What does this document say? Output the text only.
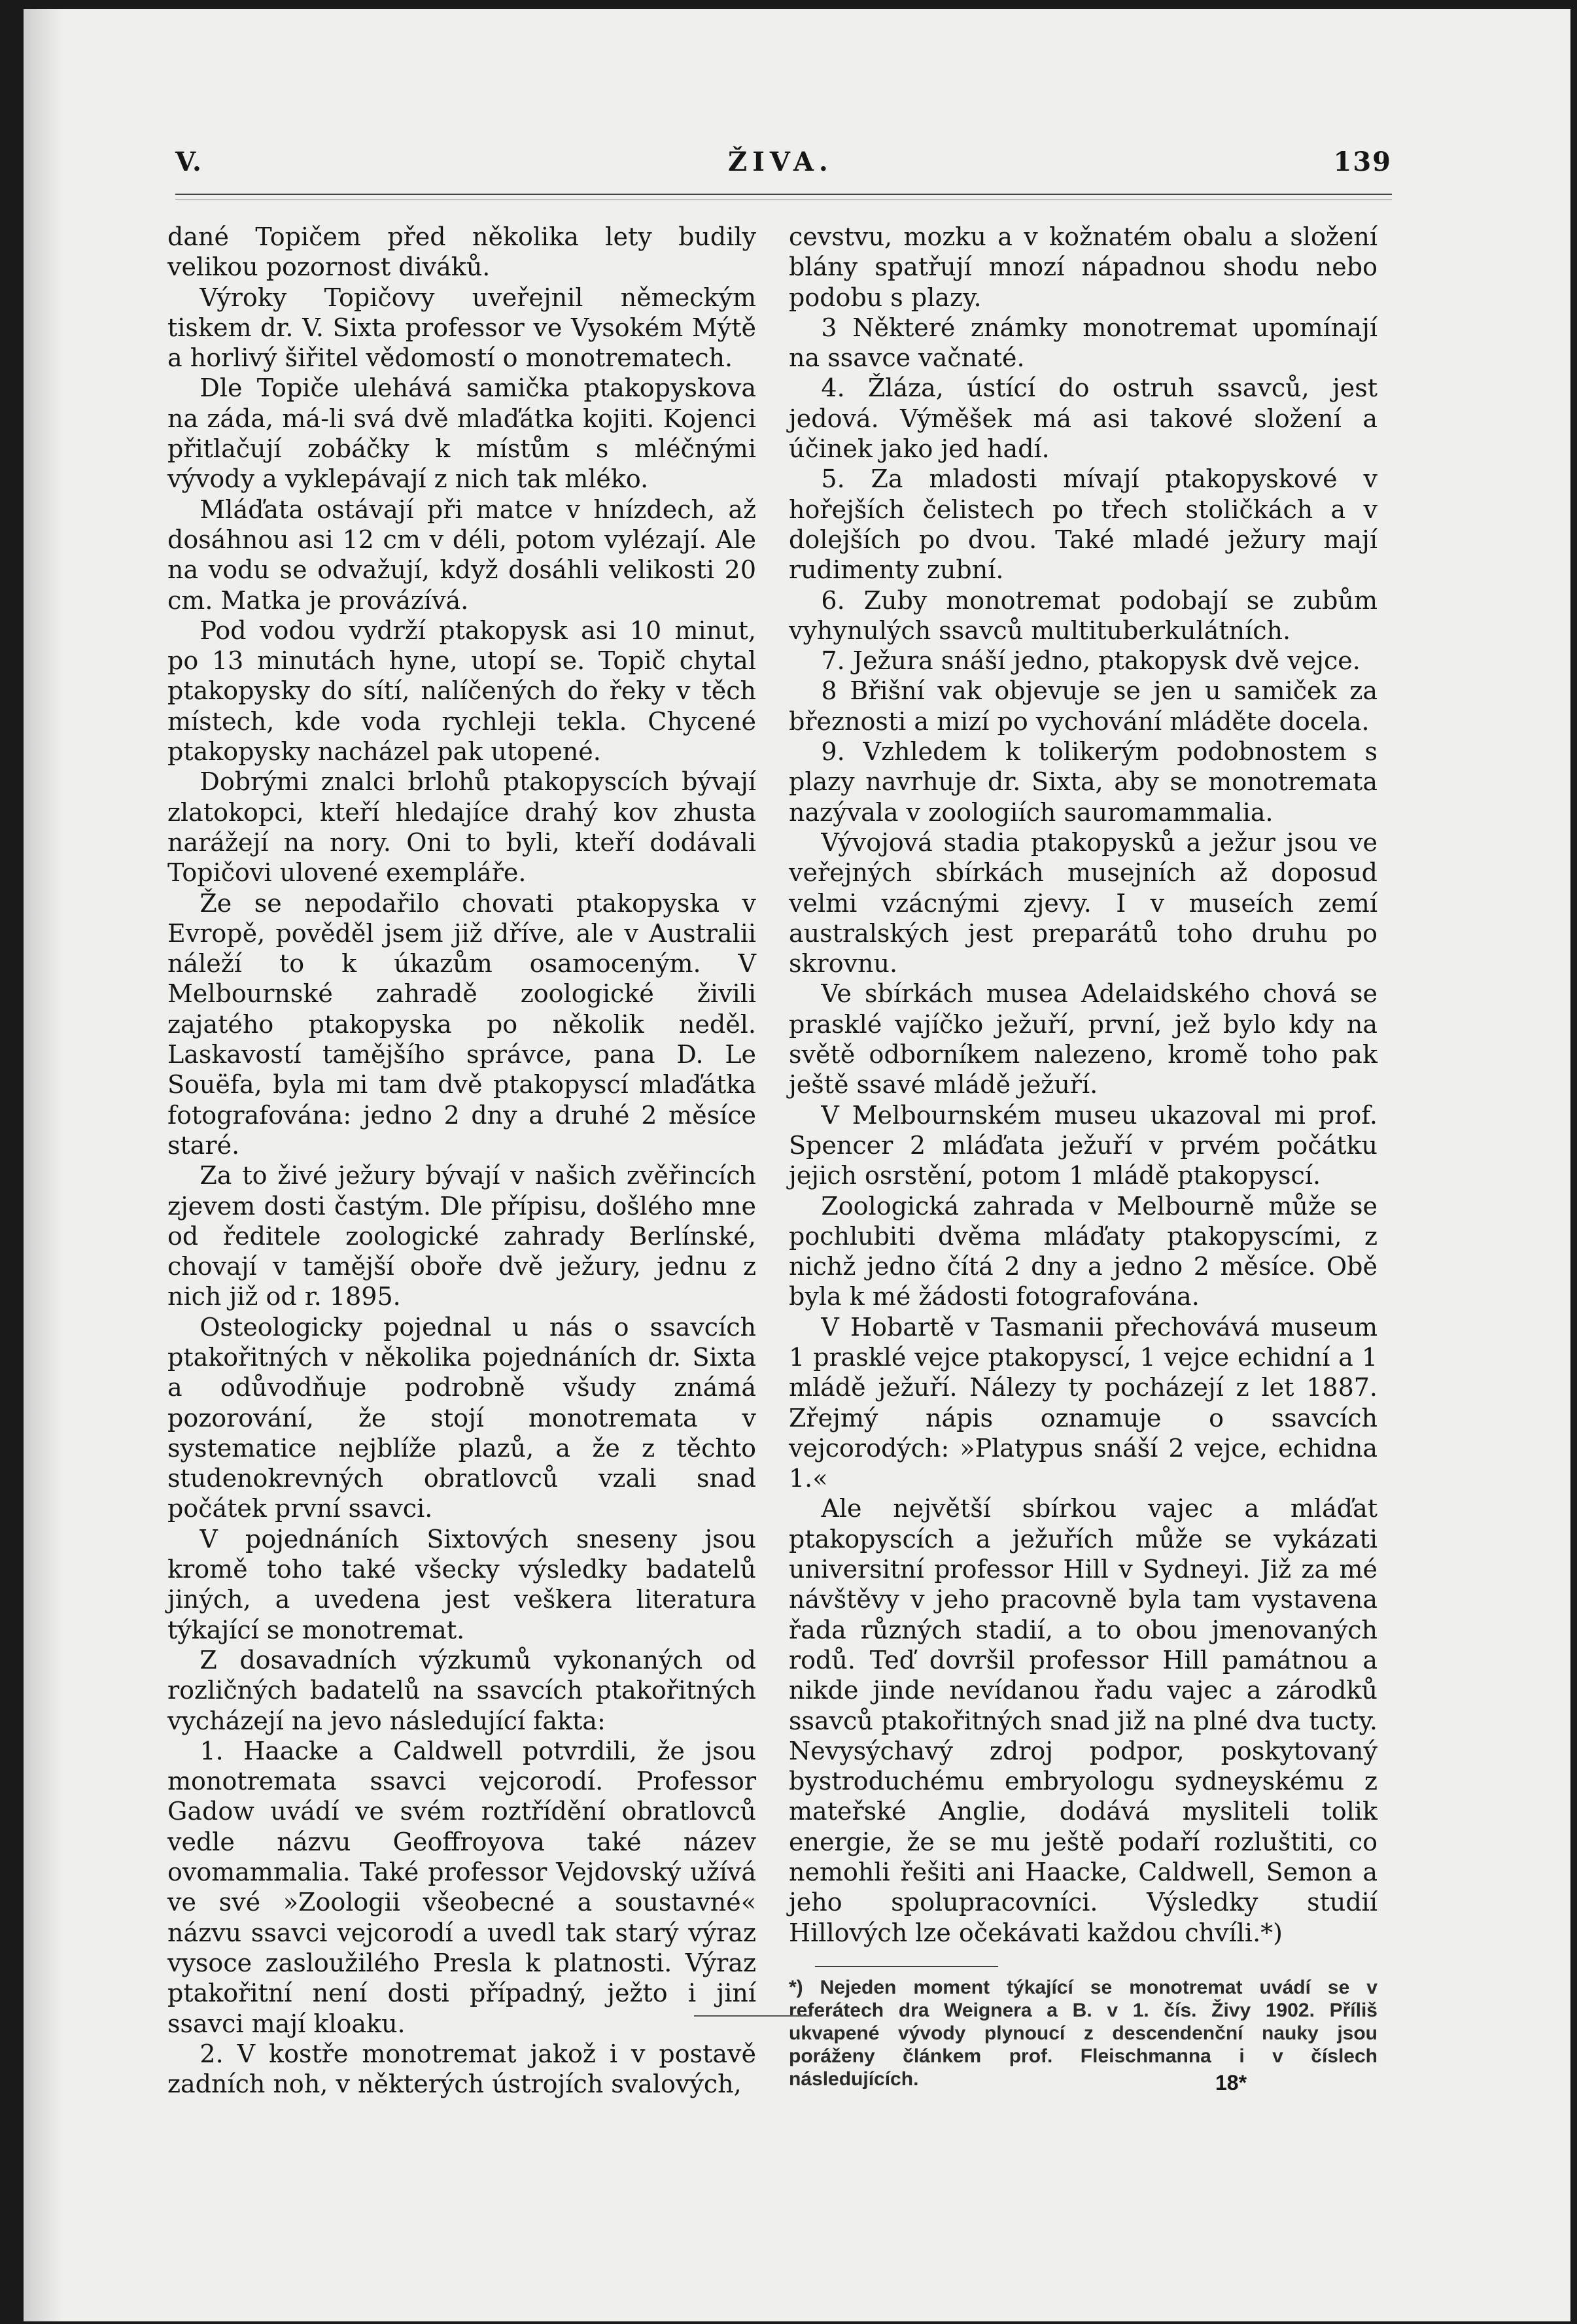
V.	ŽIVA.	139

dané Topičem před několika lety budily velikou pozornost diváků.

Výroky Topičovy uveřejnil německým tiskem dr. V. Sixta professor ve Vysokém Mýtě a horlivý šiřitel vědomostí o monotrematech.

Dle Topiče ulehává samička ptakopyskova na záda, má-li svá dvě mlaďátka kojiti. Kojenci přitlačují zobáčky k místům s mléčnými vývody a vyklepávají z nich tak mléko.

Mláďata ostávají při matce v hnízdech, až dosáhnou asi 12 cm v déli, potom vylézají. Ale na vodu se odvažují, když dosáhli velikosti 20 cm. Matka je provázívá.

Pod vodou vydrží ptakopysk asi 10 minut, po 13 minutách hyne, utopí se. Topič chytal ptakopysky do sítí, nalíčených do řeky v těch místech, kde voda rychleji tekla. Chycené ptakopysky nacházel pak utopené.

Dobrými znalci brlohů ptakopyscích bývají zlatokopci, kteří hledajíce drahý kov zhusta narážejí na nory. Oni to byli, kteří dodávali Topičovi ulovené exempláře.

Že se nepodařilo chovati ptakopyska v Evropě, pověděl jsem již dříve, ale v Australii náleží to k úkazům osamoceným. V Melbournské zahradě zoologické živili zajatého ptakopyska po několik neděl. Laskavostí tamějšího správce, pana D. Le Souëfa, byla mi tam dvě ptakopyscí mlaďátka fotografována: jedno 2 dny a druhé 2 měsíce staré.

Za to živé ježury bývají v našich zvěřincích zjevem dosti častým. Dle přípisu, došlého mne od ředitele zoologické zahrady Berlínské, chovají v tamější oboře dvě ježury, jednu z nich již od r. 1895.

Osteologicky pojednal u nás o ssavcích ptakořitných v několika pojednáních dr. Sixta a odůvodňuje podrobně všudy známá pozorování, že stojí monotremata v systematice nejblíže plazů, a že z těchto studenokrevných obratlovců vzali snad počátek první ssavci.

V pojednáních Sixtových sneseny jsou kromě toho také všecky výsledky badatelů jiných, a uvedena jest veškera literatura týkající se monotremat.

Z dosavadních výzkumů vykonaných od rozličných badatelů na ssavcích ptakořitných vycházejí na jevo následující fakta:

1. Haacke a Caldwell potvrdili, že jsou monotremata ssavci vejcorodí. Professor Gadow uvádí ve svém roztřídění obratlovců vedle názvu Geoffroyova také název ovomammalia. Také professor Vejdovský užívá ve své »Zoologii všeobecné a soustavné« názvu ssavci vejcorodí a uvedl tak starý výraz vysoce zasloužilého Presla k platnosti. Výraz ptakořitní není dosti případný, ježto i jiní ssavci mají kloaku.

2. V kostře monotremat jakož i v postavě zadních noh, v některých ústrojích svalových,

cevstvu, mozku a v kožnatém obalu a složení blány spatřují mnozí nápadnou shodu nebo podobu s plazy.

3 Některé známky monotremat upomínají na ssavce vačnaté.

4. Žláza, ústící do ostruh ssavců, jest jedová. Výměšek má asi takové složení a účinek jako jed hadí.

5. Za mladosti mívají ptakopyskové v hořejších čelistech po třech stoličkách a v dolejších po dvou. Také mladé ježury mají rudimenty zubní.

6. Zuby monotremat podobají se zubům vyhynulých ssavců multituberkulátních.

7. Ježura snáší jedno, ptakopysk dvě vejce.

8 Břišní vak objevuje se jen u samiček za březnosti a mizí po vychování mláděte docela.

9. Vzhledem k tolikerým podobnostem s plazy navrhuje dr. Sixta, aby se monotremata nazývala v zoologiích sauromammalia.

Vývojová stadia ptakopysků a ježur jsou ve veřejných sbírkách musejních až doposud velmi vzácnými zjevy. I v museích zemí australských jest preparátů toho druhu po skrovnu.

Ve sbírkách musea Adelaidského chová se prasklé vajíčko ježuří, první, jež bylo kdy na světě odborníkem nalezeno, kromě toho pak ještě ssavé mládě ježuří.

V Melbournském museu ukazoval mi prof. Spencer 2 mláďata ježuří v prvém počátku jejich osrstění, potom 1 mládě ptakopyscí.

Zoologická zahrada v Melbourně může se pochlubiti dvěma mláďaty ptakopyscími, z nichž jedno čítá 2 dny a jedno 2 měsíce. Obě byla k mé žádosti fotografována.

V Hobartě v Tasmanii přechovává museum 1 prasklé vejce ptakopyscí, 1 vejce echidní a 1 mládě ježuří. Nálezy ty pocházejí z let 1887. Zřejmý nápis oznamuje o ssavcích vejcorodých: »Platypus snáší 2 vejce, echidna 1.«

Ale největší sbírkou vajec a mláďat ptakopyscích a ježuřích může se vykázati universitní professor Hill v Sydneyi. Již za mé návštěvy v jeho pracovně byla tam vystavena řada různých stadií, a to obou jmenovaných rodů. Teď dovršil professor Hill památnou a nikde jinde nevídanou řadu vajec a zárodků ssavců ptakořitných snad již na plné dva tucty. Nevysýchavý zdroj podpor, poskytovaný bystroduchému embryologu sydneyskému z mateřské Anglie, dodává mysliteli tolik energie, že se mu ještě podaří rozluštiti, co nemohli řešiti ani Haacke, Caldwell, Semon a jeho spolupracovníci. Výsledky studií Hillových lze očekávati každou chvíli.*)

*) Nejeden moment týkající se monotremat uvádí se v referátech dra Weignera a B. v 1. čís. Živy 1902. Příliš ukvapené vývody plynoucí z descendenční nauky jsou poráženy článkem prof. Fleischmanna i v číslech následujících.	18*
